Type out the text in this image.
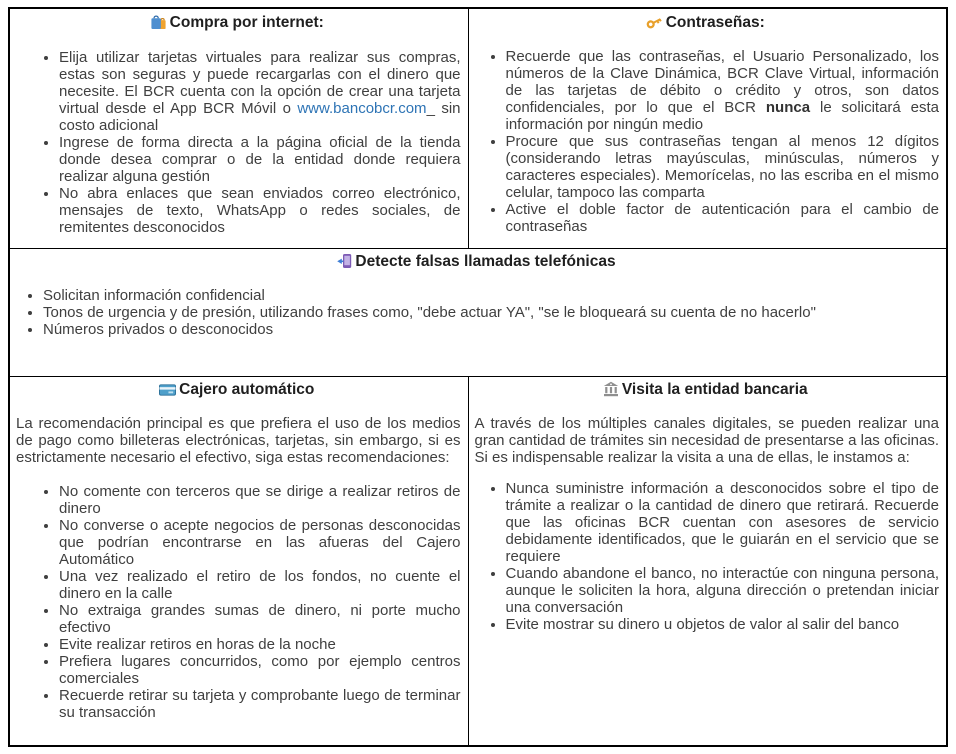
Compra por internet:
• Elija utilizar tarjetas virtuales para realizar sus compras, estas son seguras y puede recargarlas con el dinero que necesite. El BCR cuenta con la opción de crear una tarjeta virtual desde el App BCR Móvil o www.bancobcr.com_ sin costo adicional
• Ingrese de forma directa a la página oficial de la tienda donde desea comprar o de la entidad donde requiera realizar alguna gestión
• No abra enlaces que sean enviados correo electrónico, mensajes de texto, WhatsApp o redes sociales, de remitentes desconocidos

Contraseñas:
• Recuerde que las contraseñas, el Usuario Personalizado, los números de la Clave Dinámica, BCR Clave Virtual, información de las tarjetas de débito o crédito y otros, son datos confidenciales, por lo que el BCR nunca le solicitará esta información por ningún medio
• Procure que sus contraseñas tengan al menos 12 dígitos (considerando letras mayúsculas, minúsculas, números y caracteres especiales). Memorícelas, no las escriba en el mismo celular, tampoco las comparta
• Active el doble factor de autenticación para el cambio de contraseñas

Detecte falsas llamadas telefónicas
• Solicitan información confidencial
• Tonos de urgencia y de presión, utilizando frases como, "debe actuar YA", "se le bloqueará su cuenta de no hacerlo"
• Números privados o desconocidos

Cajero automático

La recomendación principal es que prefiera el uso de los medios de pago como billeteras electrónicas, tarjetas, sin embargo, si es estrictamente necesario el efectivo, siga estas recomendaciones:

• No comente con terceros que se dirige a realizar retiros de dinero
• No converse o acepte negocios de personas desconocidas que podrían encontrarse en las afueras del Cajero Automático
• Una vez realizado el retiro de los fondos, no cuente el dinero en la calle
• No extraiga grandes sumas de dinero, ni porte mucho efectivo
• Evite realizar retiros en horas de la noche
• Prefiera lugares concurridos, como por ejemplo centros comerciales
• Recuerde retirar su tarjeta y comprobante luego de terminar su transacción

Visita la entidad bancaria

A través de los múltiples canales digitales, se pueden realizar una gran cantidad de trámites sin necesidad de presentarse a las oficinas. Si es indispensable realizar la visita a una de ellas, le instamos a:

• Nunca suministre información a desconocidos sobre el tipo de trámite a realizar o la cantidad de dinero que retirará. Recuerde que las oficinas BCR cuentan con asesores de servicio debidamente identificados, que le guiarán en el servicio que se requiere
• Cuando abandone el banco, no interactúe con ninguna persona, aunque le soliciten la hora, alguna dirección o pretendan iniciar una conversación
• Evite mostrar su dinero u objetos de valor al salir del banco
